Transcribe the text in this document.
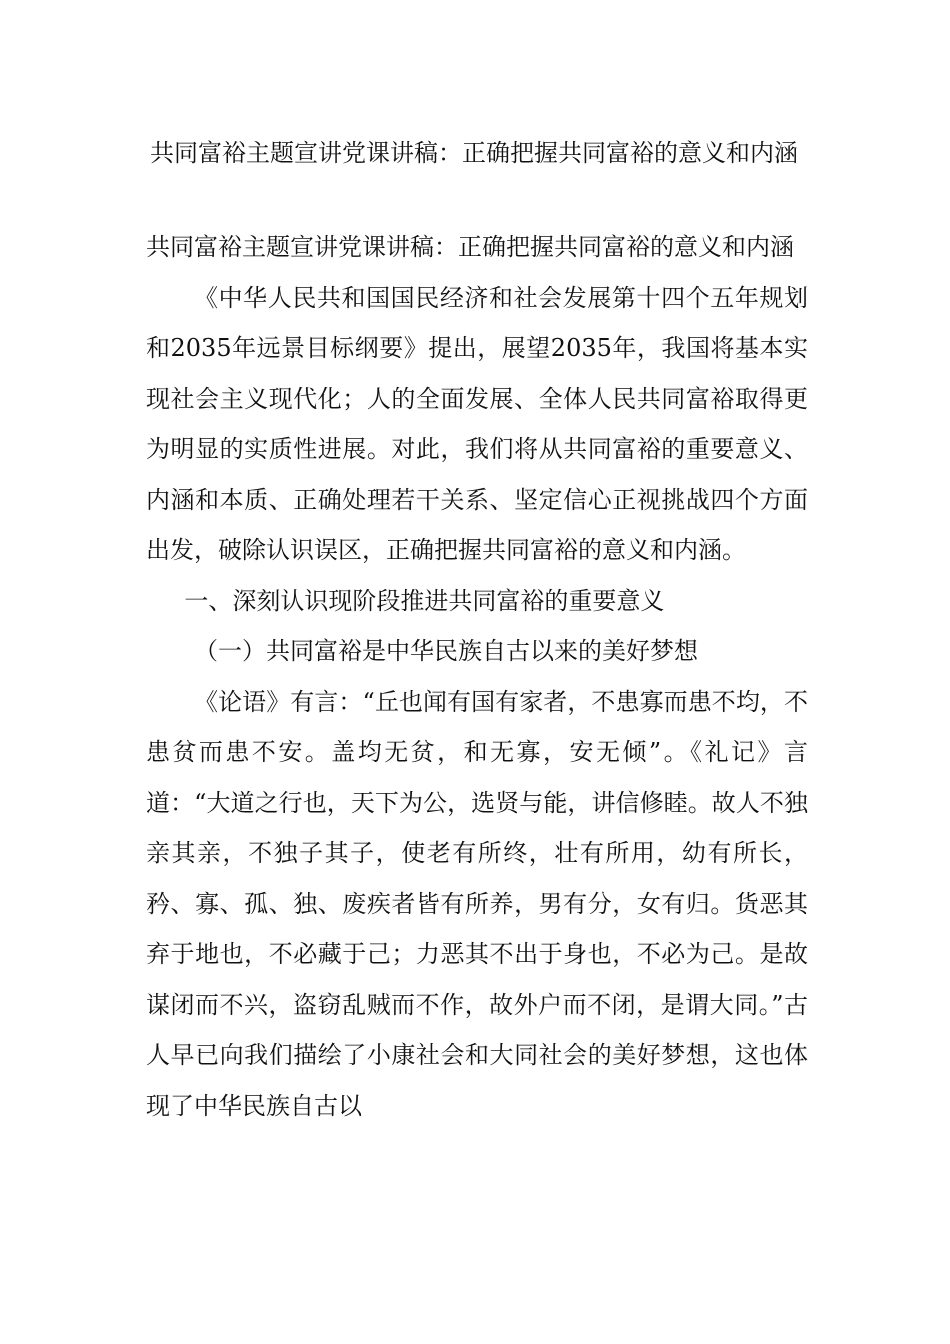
共同富裕主题宣讲党课讲稿：正确把握共同富裕的意义和内涵

共同富裕主题宣讲党课讲稿：正确把握共同富裕的意义和内涵

《中华人民共和国国民经济和社会发展第十四个五年规划和2035年远景目标纲要》提出，展望2035年，我国将基本实现社会主义现代化；人的全面发展、全体人民共同富裕取得更为明显的实质性进展。对此，我们将从共同富裕的重要意义、内涵和本质、正确处理若干关系、坚定信心正视挑战四个方面出发，破除认识误区，正确把握共同富裕的意义和内涵。

一、深刻认识现阶段推进共同富裕的重要意义

（一）共同富裕是中华民族自古以来的美好梦想

《论语》有言：“丘也闻有国有家者，不患寡而患不均，不患贫而患不安。盖均无贫，和无寡，安无倾”。《礼记》言道：“大道之行也，天下为公，选贤与能，讲信修睦。故人不独亲其亲，不独子其子，使老有所终，壮有所用，幼有所长，矜、寡、孤、独、废疾者皆有所养，男有分，女有归。货恶其弃于地也，不必藏于己；力恶其不出于身也，不必为己。是故谋闭而不兴，盗窃乱贼而不作，故外户而不闭，是谓大同。”古人早已向我们描绘了小康社会和大同社会的美好梦想，这也体现了中华民族自古以
